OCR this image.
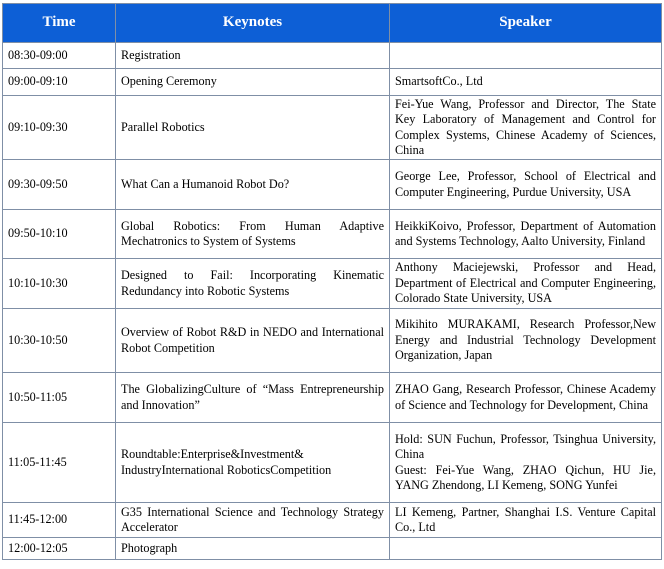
Time	Keynotes	Speaker
08:30-09:00	Registration	
09:00-09:10	Opening Ceremony	SmartsoftCo., Ltd
09:10-09:30	Parallel Robotics	Fei-Yue Wang, Professor and Director, The State Key Laboratory of Management and Control for Complex Systems, Chinese Academy of Sciences, China
09:30-09:50	What Can a Humanoid Robot Do?	George Lee, Professor, School of Electrical and Computer Engineering, Purdue University, USA
09:50-10:10	Global Robotics: From Human Adaptive Mechatronics to System of Systems	HeikkiKoivo, Professor, Department of Automation and Systems Technology, Aalto University, Finland
10:10-10:30	Designed to Fail: Incorporating Kinematic Redundancy into Robotic Systems	Anthony Maciejewski, Professor and Head, Department of Electrical and Computer Engineering, Colorado State University, USA
10:30-10:50	Overview of Robot R&D in NEDO and International Robot Competition	Mikihito MURAKAMI, Research Professor,New Energy and Industrial Technology Development Organization, Japan
10:50-11:05	The GlobalizingCulture of “Mass Entrepreneurship and Innovation”	ZHAO Gang, Research Professor, Chinese Academy of Science and Technology for Development, China
11:05-11:45	Roundtable:Enterprise&Investment& IndustryInternational RoboticsCompetition	Hold: SUN Fuchun, Professor, Tsinghua University, China
Guest: Fei-Yue Wang, ZHAO Qichun, HU Jie, YANG Zhendong, LI Kemeng, SONG Yunfei
11:45-12:00	G35 International Science and Technology Strategy Accelerator	LI Kemeng, Partner, Shanghai I.S. Venture Capital Co., Ltd
12:00-12:05	Photograph	
